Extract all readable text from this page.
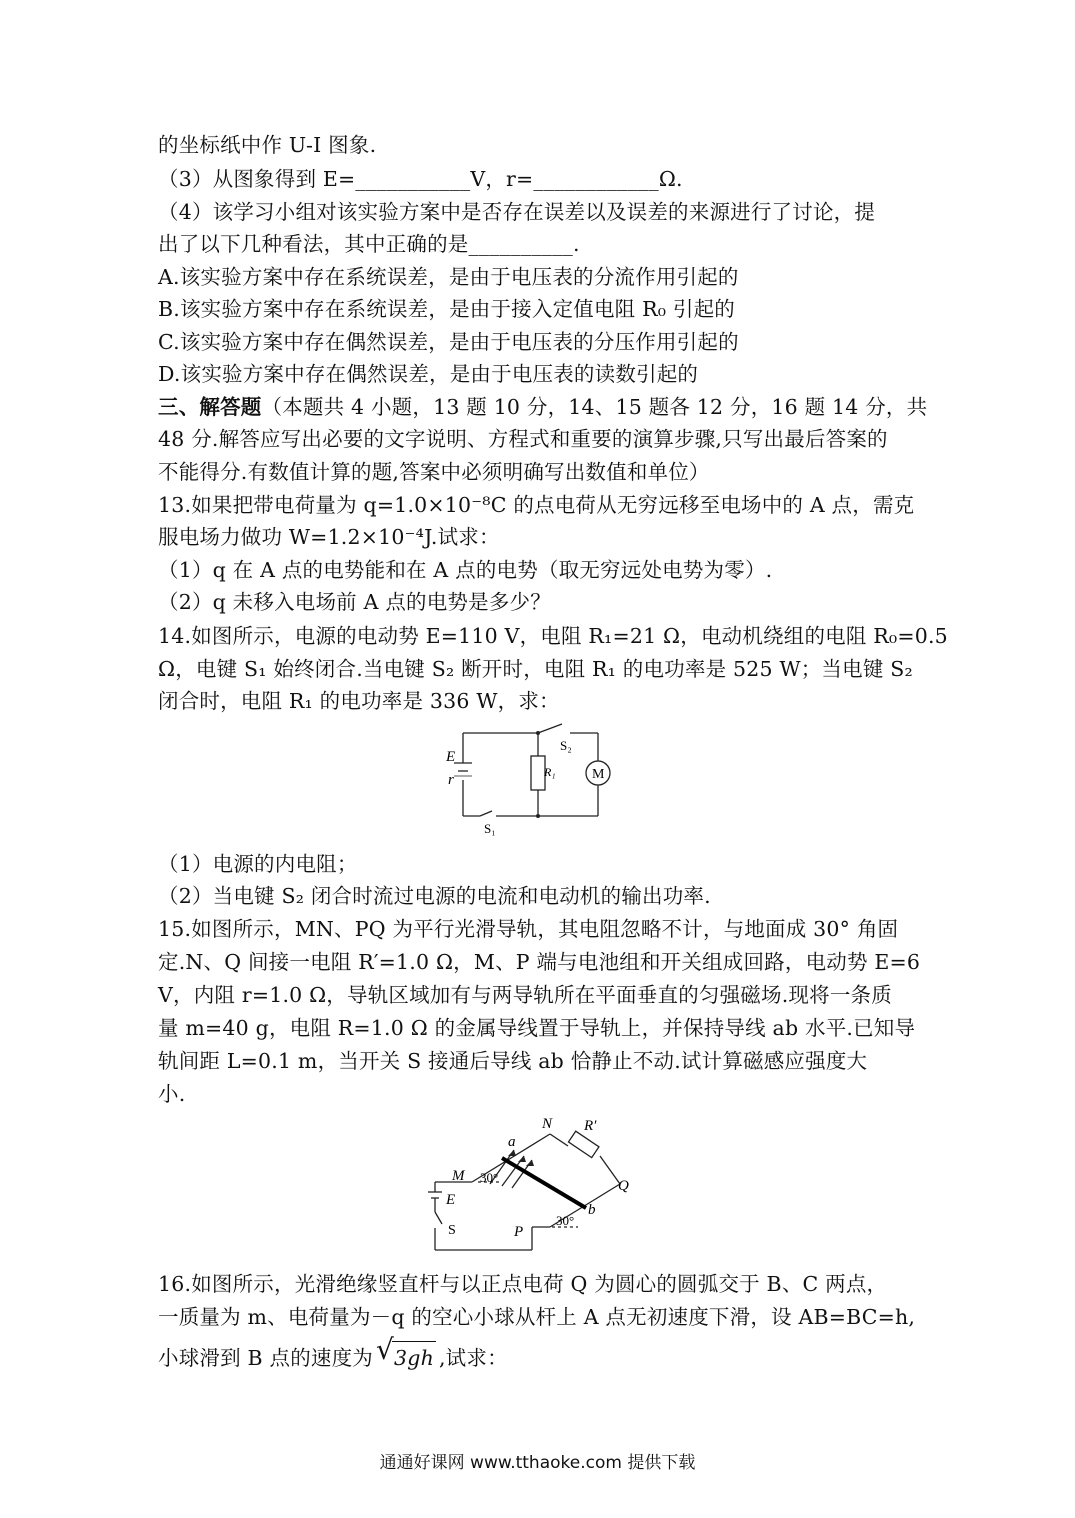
的坐标纸中作 U-I 图象.
（3）从图象得到 E=___________V，r=____________Ω.
（4）该学习小组对该实验方案中是否存在误差以及误差的来源进行了讨论，提
出了以下几种看法，其中正确的是__________.
A.该实验方案中存在系统误差，是由于电压表的分流作用引起的
B.该实验方案中存在系统误差，是由于接入定值电阻 R₀ 引起的
C.该实验方案中存在偶然误差，是由于电压表的分压作用引起的
D.该实验方案中存在偶然误差，是由于电压表的读数引起的
三、解答题（本题共 4 小题，13 题 10 分，14、15 题各 12 分，16 题 14 分，共
48 分.解答应写出必要的文字说明、方程式和重要的演算步骤,只写出最后答案的
不能得分.有数值计算的题,答案中必须明确写出数值和单位）
13.如果把带电荷量为 q=1.0×10⁻⁸C 的点电荷从无穷远移至电场中的 A 点，需克
服电场力做功 W=1.2×10⁻⁴J.试求：
（1）q 在 A 点的电势能和在 A 点的电势（取无穷远处电势为零）.
（2）q 未移入电场前 A 点的电势是多少？
14.如图所示，电源的电动势 E=110 V，电阻 R₁=21 Ω，电动机绕组的电阻 R₀=0.5
Ω，电键 S₁ 始终闭合.当电键 S₂ 断开时，电阻 R₁ 的电功率是 525 W；当电键 S₂
闭合时，电阻 R₁ 的电功率是 336 W，求：
E
r
S₂
R₁	M
S₁
（1）电源的内电阻；
（2）当电键 S₂ 闭合时流过电源的电流和电动机的输出功率.
15.如图所示，MN、PQ 为平行光滑导轨，其电阻忽略不计，与地面成 30° 角固
定.N、Q 间接一电阻 R′=1.0 Ω，M、P 端与电池组和开关组成回路，电动势 E=6
V，内阻 r=1.0 Ω，导轨区域加有与两导轨所在平面垂直的匀强磁场.现将一条质
量 m=40 g，电阻 R=1.0 Ω 的金属导线置于导轨上，并保持导线 ab 水平.已知导
轨间距 L=0.1 m，当开关 S 接通后导线 ab 恰静止不动.试计算磁感应强度大
小.
a
N R′
Q
b
M 30°
E
S	P
30°
16.如图所示，光滑绝缘竖直杆与以正点电荷 Q 为圆心的圆弧交于 B、C 两点，
一质量为 m、电荷量为－q 的空心小球从杆上 A 点无初速度下滑，设 AB=BC=h,
小球滑到 B 点的速度为 √ 3gh ,试求：
通通好课网 www.tthaoke.com 提供下载
